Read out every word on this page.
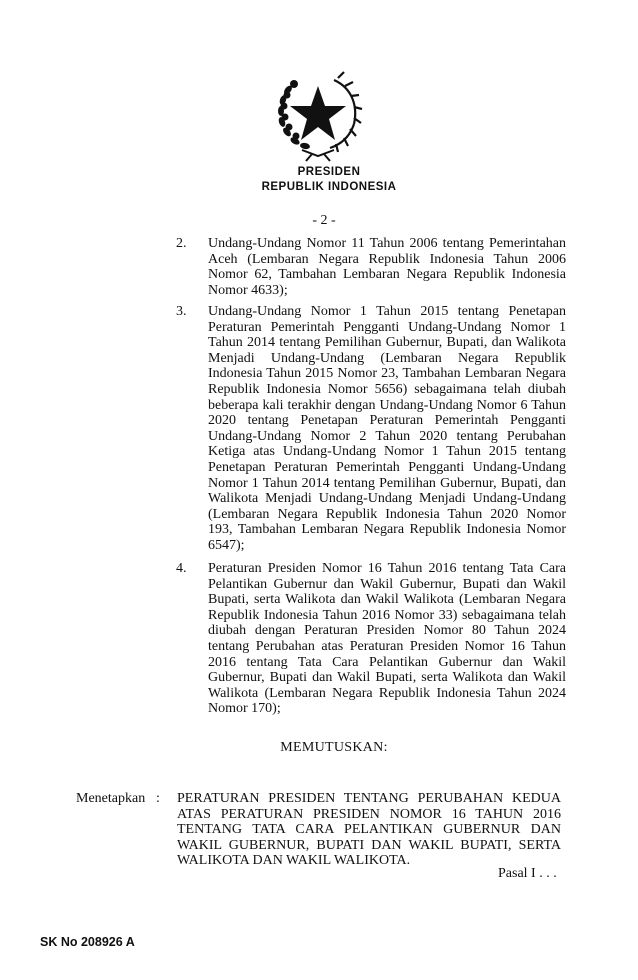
PRESIDEN
REPUBLIK INDONESIA
- 2 -
2. Undang-Undang Nomor 11 Tahun 2006 tentang Pemerintahan Aceh (Lembaran Negara Republik Indonesia Tahun 2006 Nomor 62, Tambahan Lembaran Negara Republik Indonesia Nomor 4633);
3. Undang-Undang Nomor 1 Tahun 2015 tentang Penetapan Peraturan Pemerintah Pengganti Undang-Undang Nomor 1 Tahun 2014 tentang Pemilihan Gubernur, Bupati, dan Walikota Menjadi Undang-Undang (Lembaran Negara Republik Indonesia Tahun 2015 Nomor 23, Tambahan Lembaran Negara Republik Indonesia Nomor 5656) sebagaimana telah diubah beberapa kali terakhir dengan Undang-Undang Nomor 6 Tahun 2020 tentang Penetapan Peraturan Pemerintah Pengganti Undang-Undang Nomor 2 Tahun 2020 tentang Perubahan Ketiga atas Undang-Undang Nomor 1 Tahun 2015 tentang Penetapan Peraturan Pemerintah Pengganti Undang-Undang Nomor 1 Tahun 2014 tentang Pemilihan Gubernur, Bupati, dan Walikota Menjadi Undang-Undang Menjadi Undang-Undang (Lembaran Negara Republik Indonesia Tahun 2020 Nomor 193, Tambahan Lembaran Negara Republik Indonesia Nomor 6547);
4. Peraturan Presiden Nomor 16 Tahun 2016 tentang Tata Cara Pelantikan Gubernur dan Wakil Gubernur, Bupati dan Wakil Bupati, serta Walikota dan Wakil Walikota (Lembaran Negara Republik Indonesia Tahun 2016 Nomor 33) sebagaimana telah diubah dengan Peraturan Presiden Nomor 80 Tahun 2024 tentang Perubahan atas Peraturan Presiden Nomor 16 Tahun 2016 tentang Tata Cara Pelantikan Gubernur dan Wakil Gubernur, Bupati dan Wakil Bupati, serta Walikota dan Wakil Walikota (Lembaran Negara Republik Indonesia Tahun 2024 Nomor 170);
MEMUTUSKAN:
Menetapkan : PERATURAN PRESIDEN TENTANG PERUBAHAN KEDUA ATAS PERATURAN PRESIDEN NOMOR 16 TAHUN 2016 TENTANG TATA CARA PELANTIKAN GUBERNUR DAN WAKIL GUBERNUR, BUPATI DAN WAKIL BUPATI, SERTA WALIKOTA DAN WAKIL WALIKOTA.
Pasal I . . .
SK No 208926 A
